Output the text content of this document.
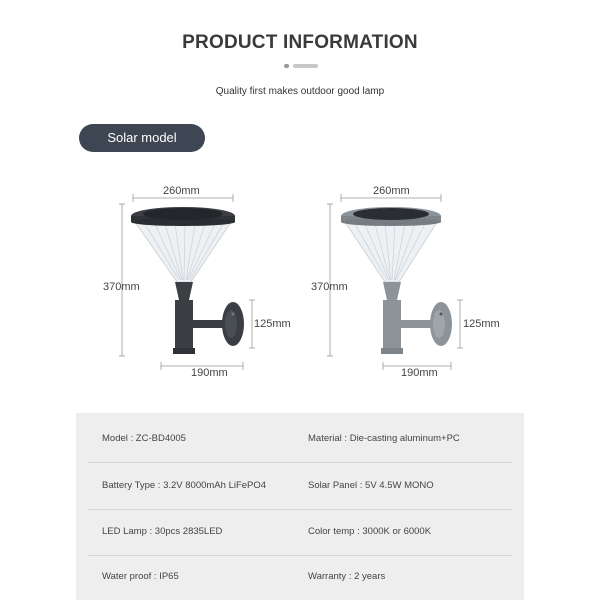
PRODUCT INFORMATION
Quality first makes outdoor good lamp
Solar model
260mm
370mm
125mm
190mm
260mm
370mm
125mm
190mm
Model : ZC-BD4005	Material : Die-casting aluminum+PC
Battery Type : 3.2V 8000mAh LiFePO4	Solar Panel : 5V 4.5W MONO
LED Lamp : 30pcs 2835LED	Color temp : 3000K or 6000K
Water proof : IP65	Warranty : 2 years
